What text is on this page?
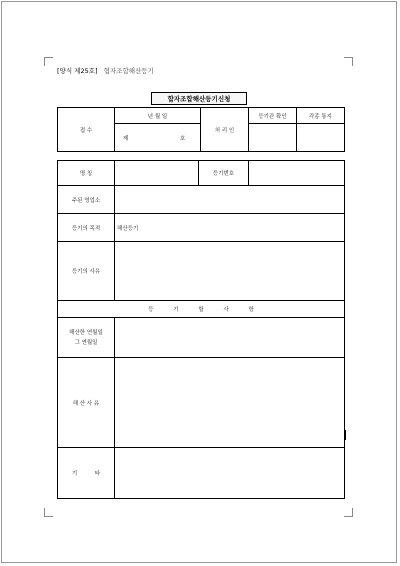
[양식 제25호] 협자조합해산등기
합자조합해산등기신청
접 수	년 월 일	처 리 인	등기관 확인	각종 통지
	제 호			
명 칭		등기번호	
주된 영업소			
등기의 목적	해산등기		
등기의 사유			
등 기 할 사 항	

해산한 연월일
그 연월일	

해 산 사 유	
기 타	
